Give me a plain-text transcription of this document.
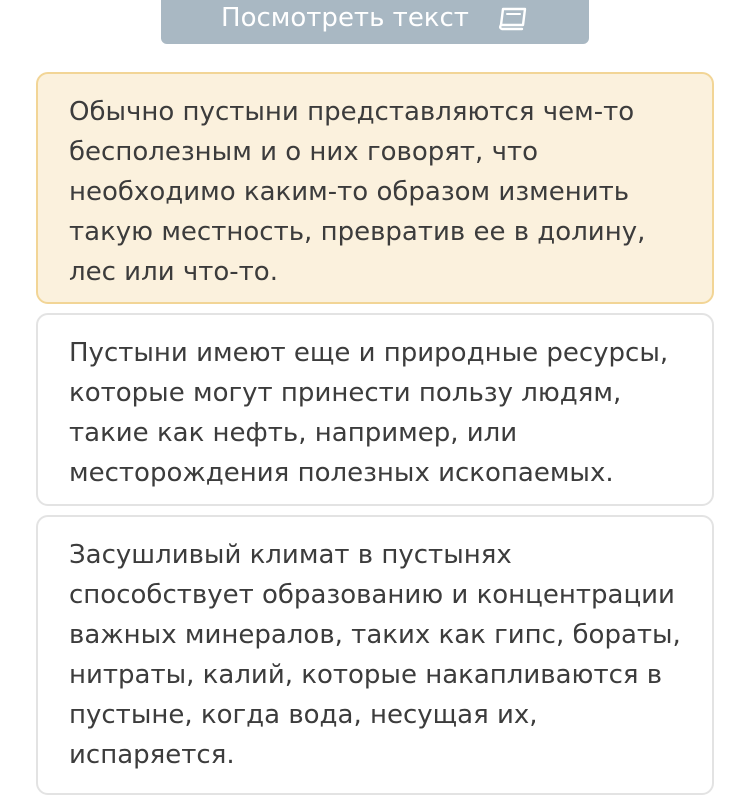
Посмотреть текст
Обычно пустыни представляются чем-то бесполезным и о них говорят, что необходимо каким-то образом изменить такую местность, превратив ее в долину, лес или что-то.
Пустыни имеют еще и природные ресурсы, которые могут принести пользу людям, такие как нефть, например, или месторождения полезных ископаемых.
Засушливый климат в пустынях способствует образованию и концентрации важных минералов, таких как гипс, бораты, нитраты, калий, которые накапливаются в пустыне, когда вода, несущая их, испаряется.
